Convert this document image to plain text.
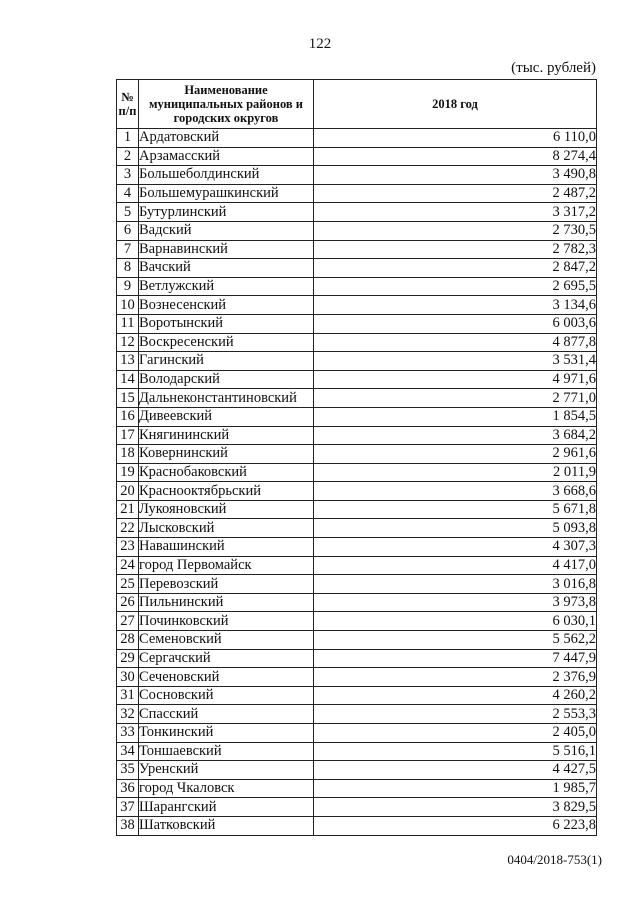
122
(тыс. рублей)
№ п/п	Наименование муниципальных районов и городских округов	2018 год
1	Ардатовский	6 110,0
2	Арзамасский	8 274,4
3	Большеболдинский	3 490,8
4	Большемурашкинский	2 487,2
5	Бутурлинский	3 317,2
6	Вадский	2 730,5
7	Варнавинский	2 782,3
8	Вачский	2 847,2
9	Ветлужский	2 695,5
10	Вознесенский	3 134,6
11	Воротынский	6 003,6
12	Воскресенский	4 877,8
13	Гагинский	3 531,4
14	Володарский	4 971,6
15	Дальнеконстантиновский	2 771,0
16	Дивеевский	1 854,5
17	Княгининский	3 684,2
18	Ковернинский	2 961,6
19	Краснобаковский	2 011,9
20	Краснооктябрьский	3 668,6
21	Лукояновский	5 671,8
22	Лысковский	5 093,8
23	Навашинский	4 307,3
24	город Первомайск	4 417,0
25	Перевозский	3 016,8
26	Пильнинский	3 973,8
27	Починковский	6 030,1
28	Семеновский	5 562,2
29	Сергачский	7 447,9
30	Сеченовский	2 376,9
31	Сосновский	4 260,2
32	Спасский	2 553,3
33	Тонкинский	2 405,0
34	Тоншаевский	5 516,1
35	Уренский	4 427,5
36	город Чкаловск	1 985,7
37	Шарангский	3 829,5
38	Шатковский	6 223,8
0404/2018-753(1)
